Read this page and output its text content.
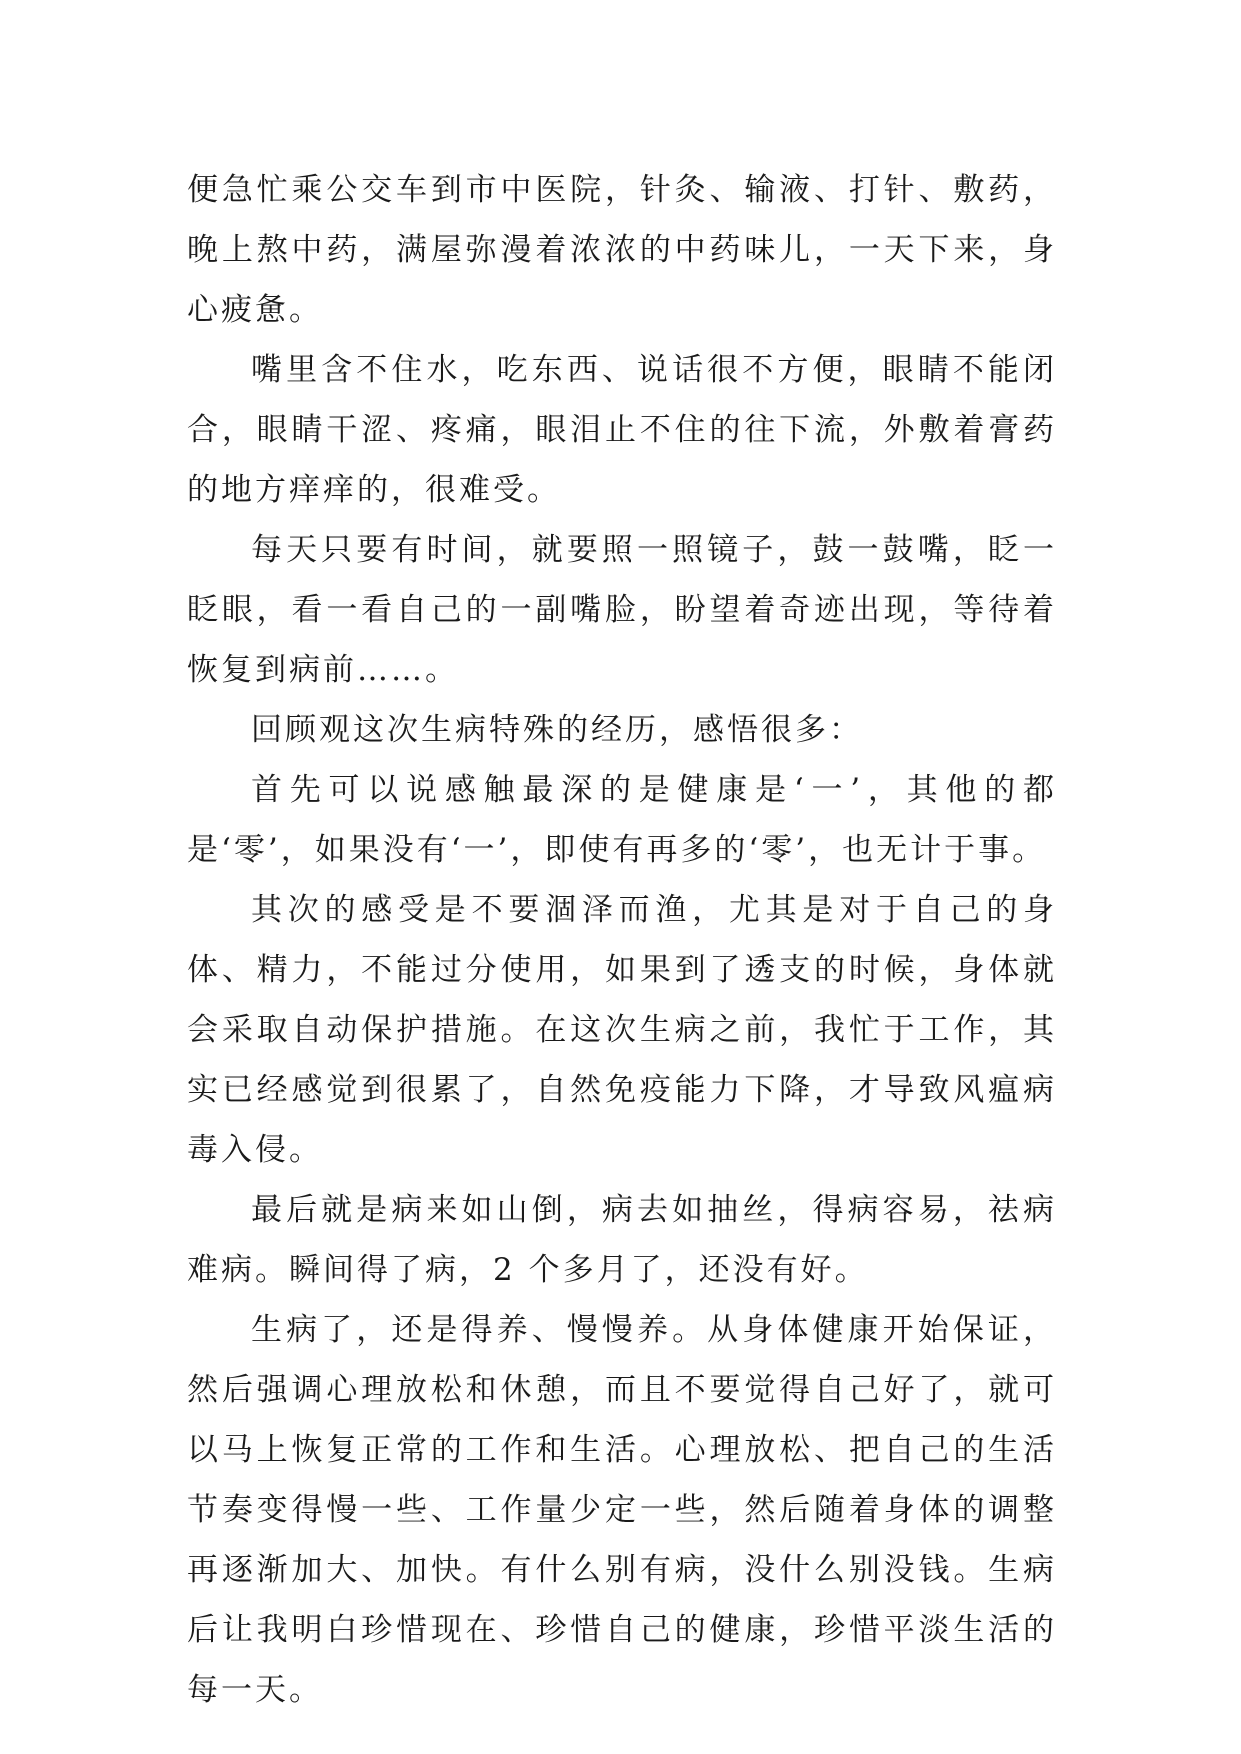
便急忙乘公交车到市中医院，针灸、输液、打针、敷药，晚上熬中药，满屋弥漫着浓浓的中药味儿，一天下来，身心疲惫。

嘴里含不住水，吃东西、说话很不方便，眼睛不能闭合，眼睛干涩、疼痛，眼泪止不住的往下流，外敷着膏药的地方痒痒的，很难受。

每天只要有时间，就要照一照镜子，鼓一鼓嘴，眨一眨眼，看一看自己的一副嘴脸，盼望着奇迹出现，等待着恢复到病前……。

回顾观这次生病特殊的经历，感悟很多：

首先可以说感触最深的是健康是‘一’，其他的都是‘零’，如果没有‘一’，即使有再多的‘零’，也无计于事。

其次的感受是不要涸泽而渔，尤其是对于自己的身体、精力，不能过分使用，如果到了透支的时候，身体就会采取自动保护措施。在这次生病之前，我忙于工作，其实已经感觉到很累了，自然免疫能力下降，才导致风瘟病毒入侵。

最后就是病来如山倒，病去如抽丝，得病容易，祛病难病。瞬间得了病，2 个多月了，还没有好。

生病了，还是得养、慢慢养。从身体健康开始保证，然后强调心理放松和休憩，而且不要觉得自己好了，就可以马上恢复正常的工作和生活。心理放松、把自己的生活节奏变得慢一些、工作量少定一些，然后随着身体的调整再逐渐加大、加快。有什么别有病，没什么别没钱。生病后让我明白珍惜现在、珍惜自己的健康，珍惜平淡生活的每一天。
